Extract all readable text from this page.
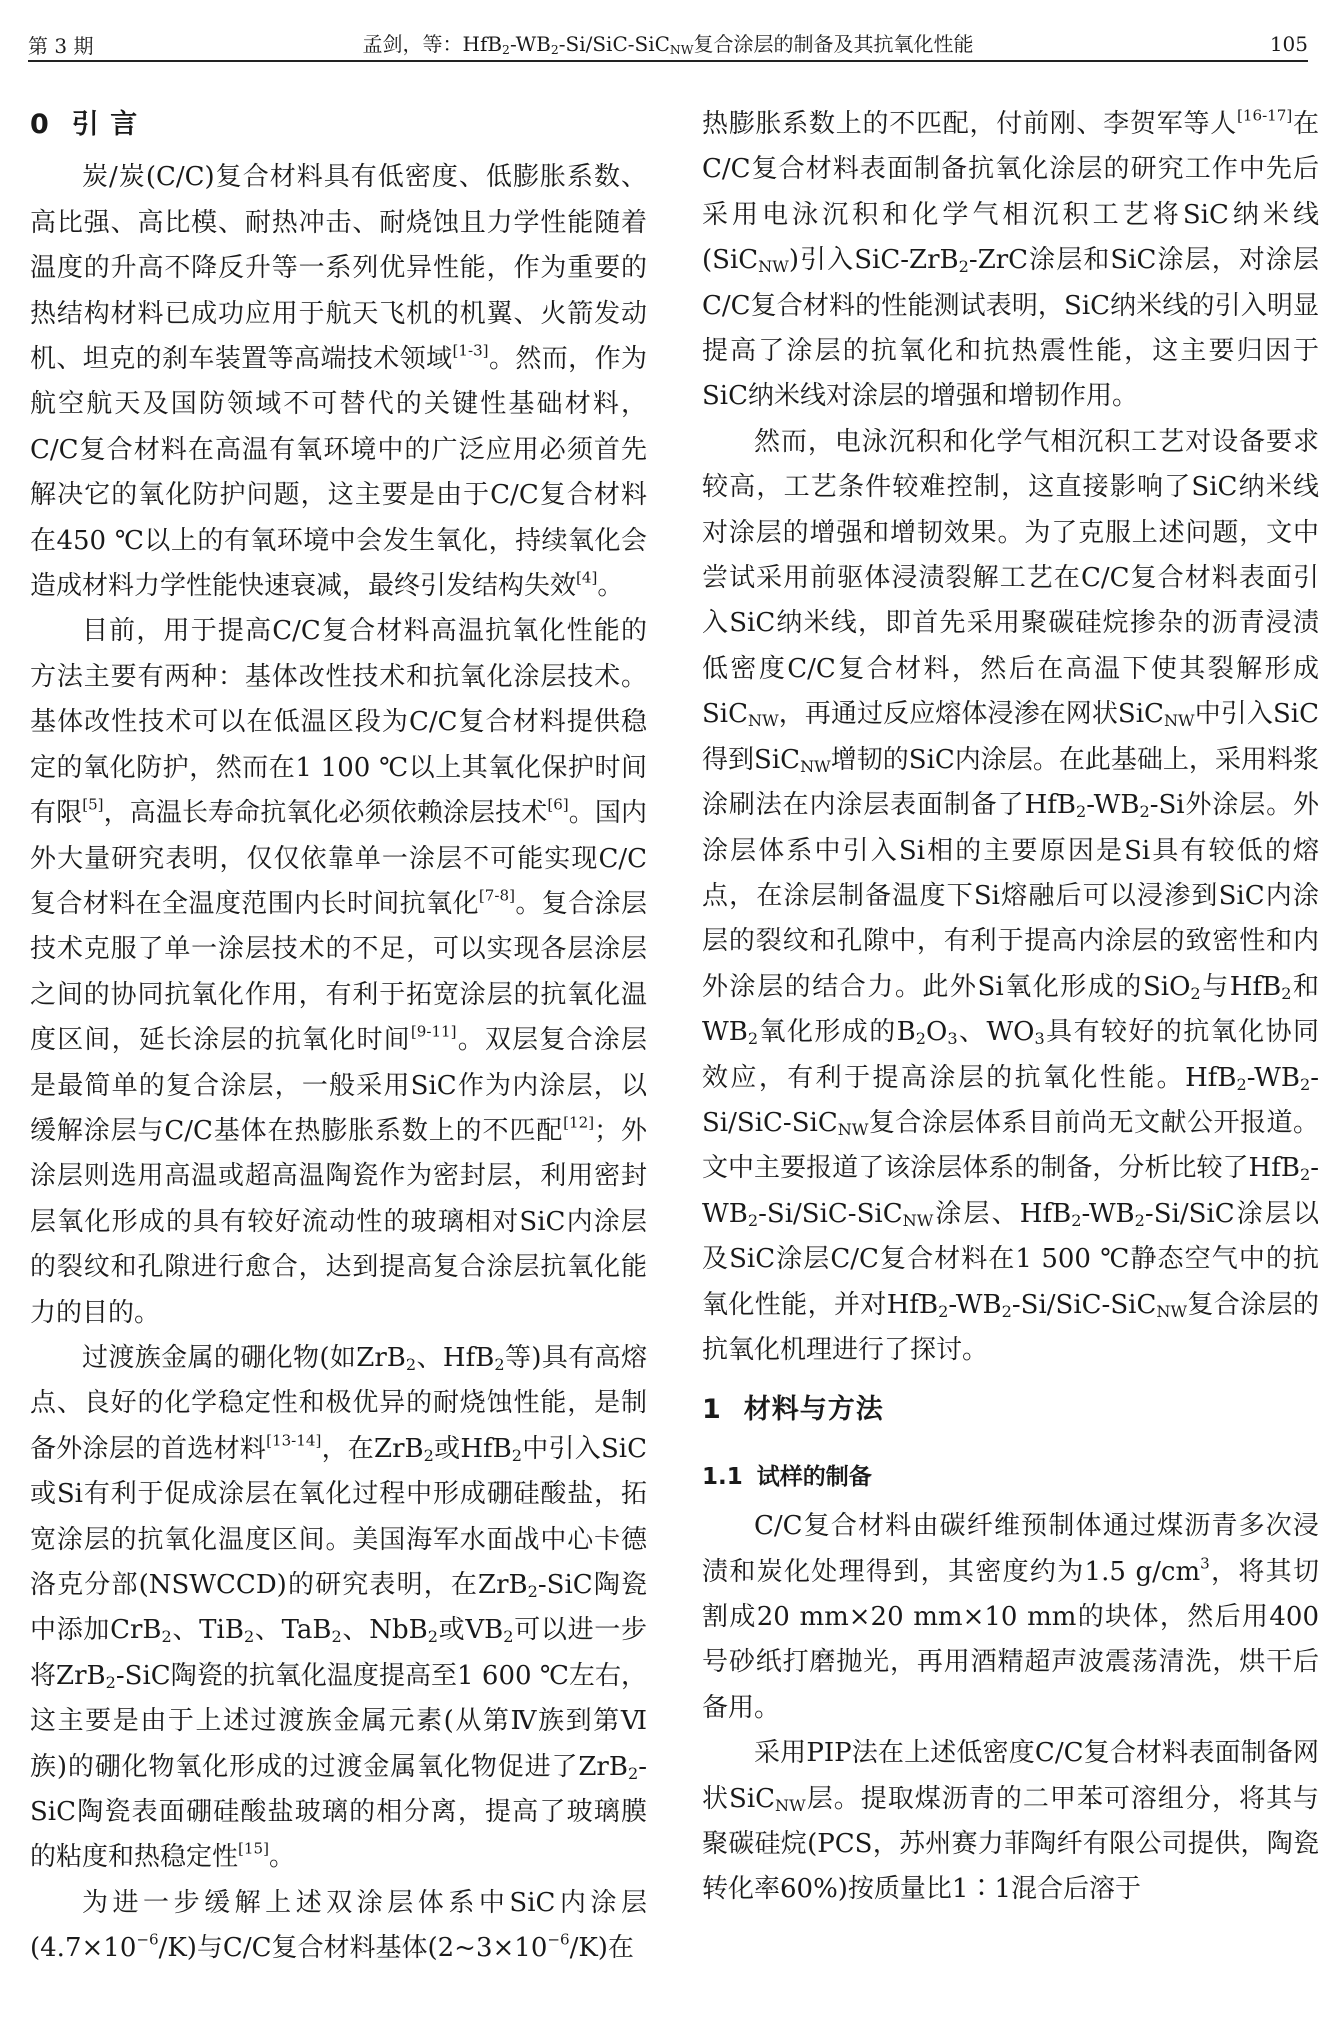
第 3 期	孟剑，等：$HfB_2-WB_2-Si/SiC-SiC_{NW}$复合涂层的制备及其抗氧化性能	105

0 引 言

炭/炭(C/C)复合材料具有低密度、低膨胀系数、高比强、高比模、耐热冲击、耐烧蚀且力学性能随着温度的升高不降反升等一系列优异性能，作为重要的热结构材料已成功应用于航天飞机的机翼、火箭发动机、坦克的刹车装置等高端技术领域[1-3]。然而，作为航空航天及国防领域不可替代的关键性基础材料，C/C复合材料在高温有氧环境中的广泛应用必须首先解决它的氧化防护问题，这主要是由于C/C复合材料在450 ℃以上的有氧环境中会发生氧化，持续氧化会造成材料力学性能快速衰减，最终引发结构失效[4]。

目前，用于提高C/C复合材料高温抗氧化性能的方法主要有两种：基体改性技术和抗氧化涂层技术。基体改性技术可以在低温区段为C/C复合材料提供稳定的氧化防护，然而在1 100 ℃以上其氧化保护时间有限[5]，高温长寿命抗氧化必须依赖涂层技术[6]。国内外大量研究表明，仅仅依靠单一涂层不可能实现C/C复合材料在全温度范围内长时间抗氧化[7-8]。复合涂层技术克服了单一涂层技术的不足，可以实现各层涂层之间的协同抗氧化作用，有利于拓宽涂层的抗氧化温度区间，延长涂层的抗氧化时间[9-11]。双层复合涂层是最简单的复合涂层，一般采用SiC作为内涂层，以缓解涂层与C/C基体在热膨胀系数上的不匹配[12]；外涂层则选用高温或超高温陶瓷作为密封层，利用密封层氧化形成的具有较好流动性的玻璃相对SiC内涂层的裂纹和孔隙进行愈合，达到提高复合涂层抗氧化能力的目的。

过渡族金属的硼化物(如ZrB$_2$、HfB$_2$等)具有高熔点、良好的化学稳定性和极优异的耐烧蚀性能，是制备外涂层的首选材料[13-14]，在ZrB$_2$或HfB$_2$中引入SiC或Si有利于促成涂层在氧化过程中形成硼硅酸盐，拓宽涂层的抗氧化温度区间。美国海军水面战中心卡德洛克分部(NSWCCD)的研究表明，在ZrB$_2$-SiC陶瓷中添加CrB$_2$、TiB$_2$、TaB$_2$、NbB$_2$或$VB_2$可以进一步将ZrB$_2$-SiC陶瓷的抗氧化温度提高至1 600 ℃左右，这主要是由于上述过渡族金属元素(从第Ⅳ族到第Ⅵ族)的硼化物氧化形成的过渡金属氧化物促进了ZrB$_2$-SiC陶瓷表面硼硅酸盐玻璃的相分离，提高了玻璃膜的粘度和热稳定性[15]。

为进一步缓解上述双涂层体系中SiC内涂层$(4.7\times 10^{-6}/K)$与C/C复合材料基体$(2\sim 3\times 10^{-6}/K)$在

热膨胀系数上的不匹配，付前刚、李贺军等人[16-17]在C/C复合材料表面制备抗氧化涂层的研究工作中先后采用电泳沉积和化学气相沉积工艺将SiC纳米线(SiC$_{NW}$)引入SiC-ZrB$_2$-ZrC涂层和SiC涂层，对涂层C/C复合材料的性能测试表明，SiC纳米线的引入明显提高了涂层的抗氧化和抗热震性能，这主要归因于SiC纳米线对涂层的增强和增韧作用。

然而，电泳沉积和化学气相沉积工艺对设备要求较高，工艺条件较难控制，这直接影响了SiC纳米线对涂层的增强和增韧效果。为了克服上述问题，文中尝试采用前驱体浸渍裂解工艺在C/C复合材料表面引入SiC纳米线，即首先采用聚碳硅烷掺杂的沥青浸渍低密度C/C复合材料，然后在高温下使其裂解形成SiC$_{NW}$，再通过反应熔体浸渗在网状SiC$_{NW}$中引入SiC得到SiC$_{NW}$增韧的SiC内涂层。在此基础上，采用料浆涂刷法在内涂层表面制备了$HfB_2-WB_2-Si$外涂层。外涂层体系中引入Si相的主要原因是Si具有较低的熔点，在涂层制备温度下Si熔融后可以浸渗到SiC内涂层的裂纹和孔隙中，有利于提高内涂层的致密性和内外涂层的结合力。此外Si氧化形成的SiO$_2$与HfB$_2$和$WB_2$氧化形成的$B_2O_3$、$WO_3$具有较好的抗氧化协同效应，有利于提高涂层的抗氧化性能。$HfB_2-WB_2-Si/SiC-SiC_{NW}$复合涂层体系目前尚无文献公开报道。文中主要报道了该涂层体系的制备，分析比较了$HfB_2-WB_2-Si/SiC-SiC_{NW}$涂层、$HfB_2-WB_2-Si$/SiC涂层以及SiC涂层C/C复合材料在1 500 ℃静态空气中的抗氧化性能，并对$HfB_2-WB_2-Si/SiC-SiC_{NW}$复合涂层的抗氧化机理进行了探讨。

1 材料与方法

1.1 试样的制备

C/C复合材料由碳纤维预制体通过煤沥青多次浸渍和炭化处理得到，其密度约为1.5 $g/cm^3$，将其切割成20 mm×20 mm×10 mm的块体，然后用400号砂纸打磨抛光，再用酒精超声波震荡清洗，烘干后备用。

采用PIP法在上述低密度C/C复合材料表面制备网状SiC$_{NW}$层。提取煤沥青的二甲苯可溶组分，将其与聚碳硅烷(PCS，苏州赛力菲陶纤有限公司提供，陶瓷转化率60%)按质量比1∶1混合后溶于
